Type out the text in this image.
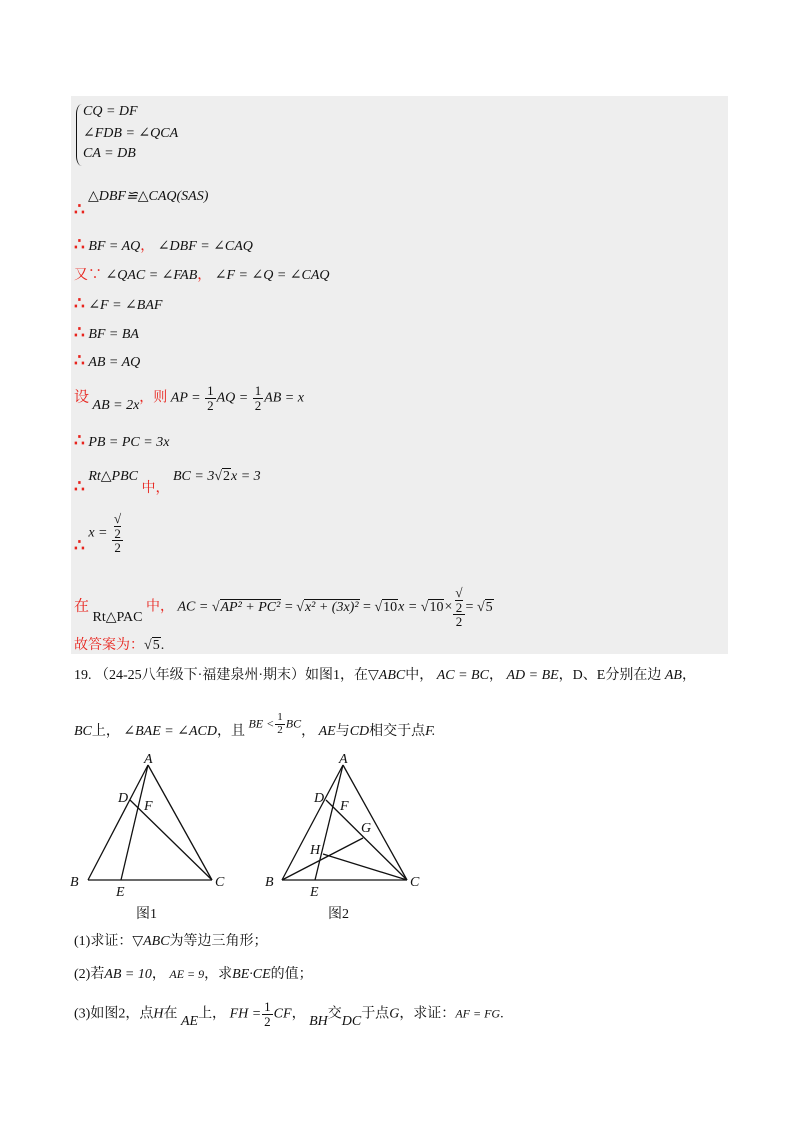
CQ = DF
∠FDB = ∠QCA
CA = DB
△DBF≌△CAQ(SAS)
∴
∴ BF = AQ， ∠DBF = ∠CAQ
又∵ ∠QAC = ∠FAB， ∠F = ∠Q = ∠CAQ
∴ ∠F = ∠BAF
∴ BF = BA
∴ AB = AQ
设 AB = 2x，则 AP = $\frac{1}{2}$ AQ = $\frac{1}{2}$ AB = x
∴ PB = PC = 3x
∴ Rt△PBC 中， BC = 3√2x = 3
∴ x = √
2
2
在 Rt△PAC 中， AC = √AP² + PC² = √x² + (3x)² = √10x = √10× √
2
2 = √5
故答案为：√5.
19. （24-25八年级下·福建泉州·期末）如图1，在▽ABC中， AC = BC， AD = BE，D、E分别在边 AB，
BC上， ∠BAE = ∠ACD，且 BE < $\frac{1}{2}$ BC， AE与CD相交于点F.
A
D
F
B
E
C
图1
A
D
F
G
H
B
E
C
图2
(1)求证：▽ABC为等边三角形；
(2)若AB = 10， AE = 9，求BE·CE的值；
(3)如图2，点H在 AE上， FH = $\frac{1}{2}$ CF， BH交DC于点G，求证：AF = FG.
